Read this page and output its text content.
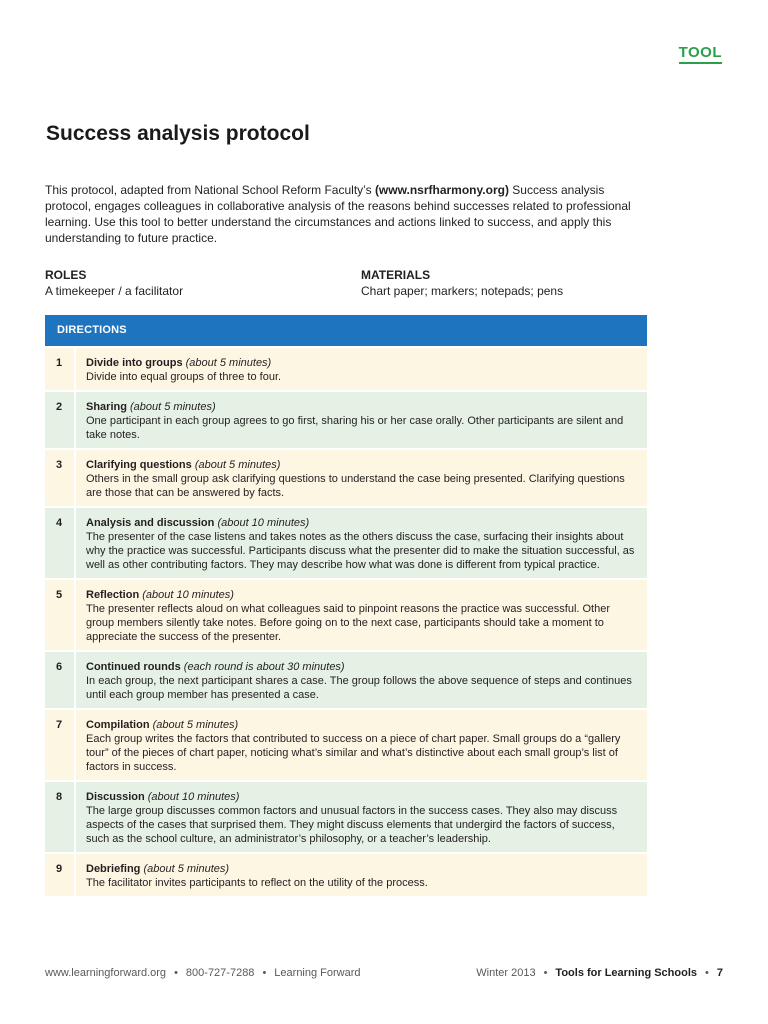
TOOL
Success analysis protocol

This protocol, adapted from National School Reform Faculty’s (www.nsrfharmony.org) Success analysis protocol, engages colleagues in collaborative analysis of the reasons behind successes related to professional learning. Use this tool to better understand the circumstances and actions linked to success, and apply this understanding to future practice.

ROLES
A timekeeper / a facilitator
MATERIALS
Chart paper; markers; notepads; pens
DIRECTIONS
1	Divide into groups (about 5 minutes)
Divide into equal groups of three to four.
2	Sharing (about 5 minutes)
One participant in each group agrees to go first, sharing his or her case orally. Other participants are silent and take notes.
3	Clarifying questions (about 5 minutes)
Others in the small group ask clarifying questions to understand the case being presented. Clarifying questions are those that can be answered by facts.
4	Analysis and discussion (about 10 minutes)
The presenter of the case listens and takes notes as the others discuss the case, surfacing their insights about why the practice was successful. Participants discuss what the presenter did to make the situation successful, as well as other contributing factors. They may describe how what was done is different from typical practice.
5	Reflection (about 10 minutes)
The presenter reflects aloud on what colleagues said to pinpoint reasons the practice was successful. Other group members silently take notes. Before going on to the next case, participants should take a moment to appreciate the success of the presenter.
6	Continued rounds (each round is about 30 minutes)
In each group, the next participant shares a case. The group follows the above sequence of steps and continues until each group member has presented a case.
7	Compilation (about 5 minutes)
Each group writes the factors that contributed to success on a piece of chart paper. Small groups do a “gallery tour” of the pieces of chart paper, noticing what’s similar and what’s distinctive about each small group’s list of factors in success.
8	Discussion (about 10 minutes)
The large group discusses common factors and unusual factors in the success cases. They also may discuss aspects of the cases that surprised them. They might discuss elements that undergird the factors of success, such as the school culture, an administrator’s philosophy, or a teacher’s leadership.
9	Debriefing (about 5 minutes)
The facilitator invites participants to reflect on the utility of the process.
www.learningforward.org • 800-727-7288 • Learning Forward	Winter 2013 • Tools for Learning Schools • 7
